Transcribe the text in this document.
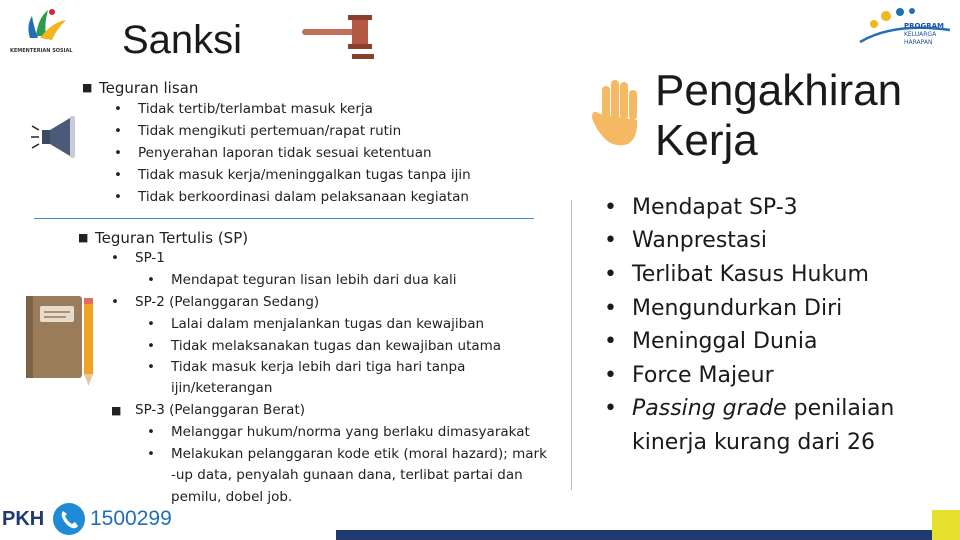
KEMENTERIAN SOSIAL Sanksi	PROGRAM
KELUARGA
HARAPAN
■ Teguran lisan
• Tidak tertib/terlambat masuk kerja
• Tidak mengikuti pertemuan/rapat rutin
• Penyerahan laporan tidak sesuai ketentuan
• Tidak masuk kerja/meninggalkan tugas tanpa ijin
• Tidak berkoordinasi dalam pelaksanaan kegiatan
■ Teguran Tertulis (SP)
• SP-1
• Mendapat teguran lisan lebih dari dua kali
• SP-2 (Pelanggaran Sedang)
• Lalai dalam menjalankan tugas dan kewajiban
• Tidak melaksanakan tugas dan kewajiban utama
• Tidak masuk kerja lebih dari tiga hari tanpa
ijin/keterangan
■ SP-3 (Pelanggaran Berat)
• Melanggar hukum/norma yang berlaku dimasyarakat
• Melakukan pelanggaran kode etik (moral hazard); mark
-up data, penyalah gunaan dana, terlibat partai dan
pemilu, dobel job.
Pengakhiran
Kerja
• Mendapat SP-3
• Wanprestasi
• Terlibat Kasus Hukum
• Mengundurkan Diri
• Meninggal Dunia
• Force Majeur
• Passing grade penilaian
kinerja kurang dari 26
PKH 1500299
